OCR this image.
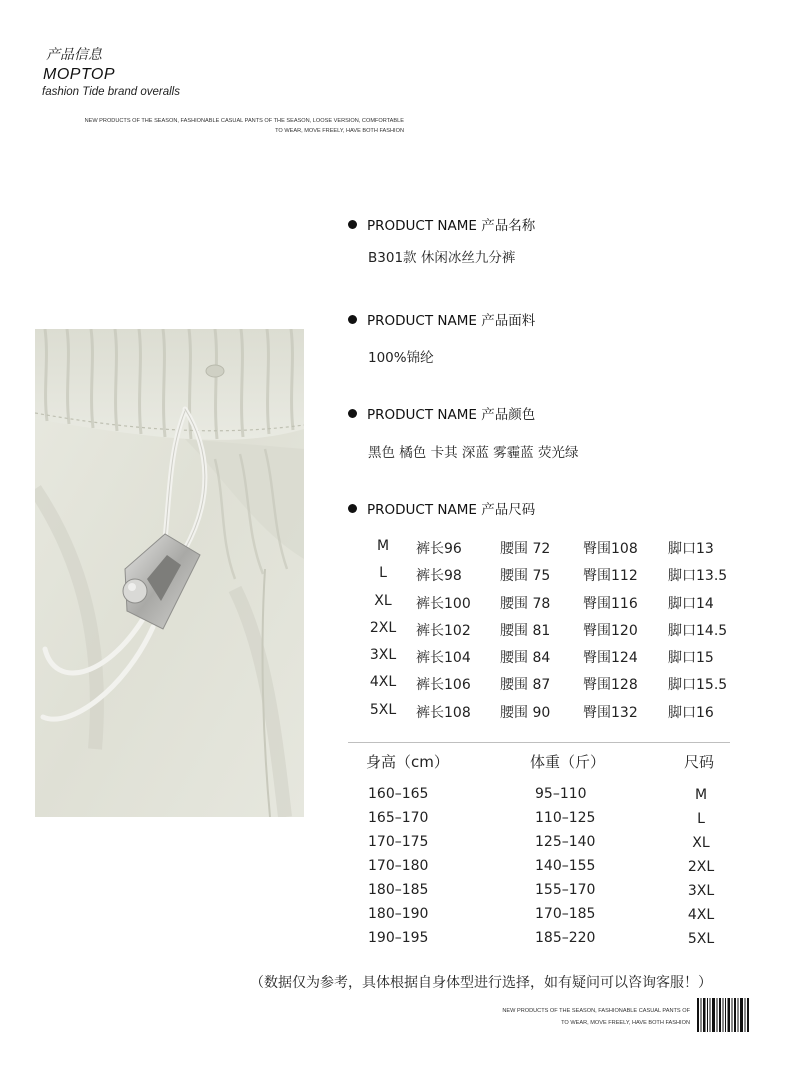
产品信息
MOPTOP
fashion Tide brand overalls
NEW PRODUCTS OF THE SEASON, FASHIONABLE CASUAL PANTS OF THE SEASON, LOOSE VERSION, COMFORTABLE
TO WEAR, MOVE FREELY, HAVE BOTH FASHION
PRODUCT NAME 产品名称
B301款 休闲冰丝九分裤
PRODUCT NAME 产品面料
100%锦纶
PRODUCT NAME 产品颜色
黑色 橘色 卡其 深蓝 雾霾蓝 荧光绿
PRODUCT NAME 产品尺码
M	裤长96	腰围 72 臀围108 脚口13
L	裤长98	腰围 75 臀围112 脚口13.5
XL	裤长100 腰围 78 臀围116 脚口14
2XL	裤长102 腰围 81 臀围120 脚口14.5
3XL	裤长104 腰围 84 臀围124 脚口15
4XL	裤长106 腰围 87 臀围128 脚口15.5
5XL	裤长108 腰围 90 臀围132 脚口16
身高（cm）	体重（斤）	尺码
160–165	95–110	M
165–170	110–125	L
170–175	125–140	XL
170–180	140–155	2XL
180–185	155–170	3XL
180–190	170–185	4XL
190–195	185–220	5XL
（数据仅为参考，具体根据自身体型进行选择，如有疑问可以咨询客服！）
NEW PRODUCTS OF THE SEASON, FASHIONABLE CASUAL PANTS OF
TO WEAR, MOVE FREELY, HAVE BOTH FASHION
